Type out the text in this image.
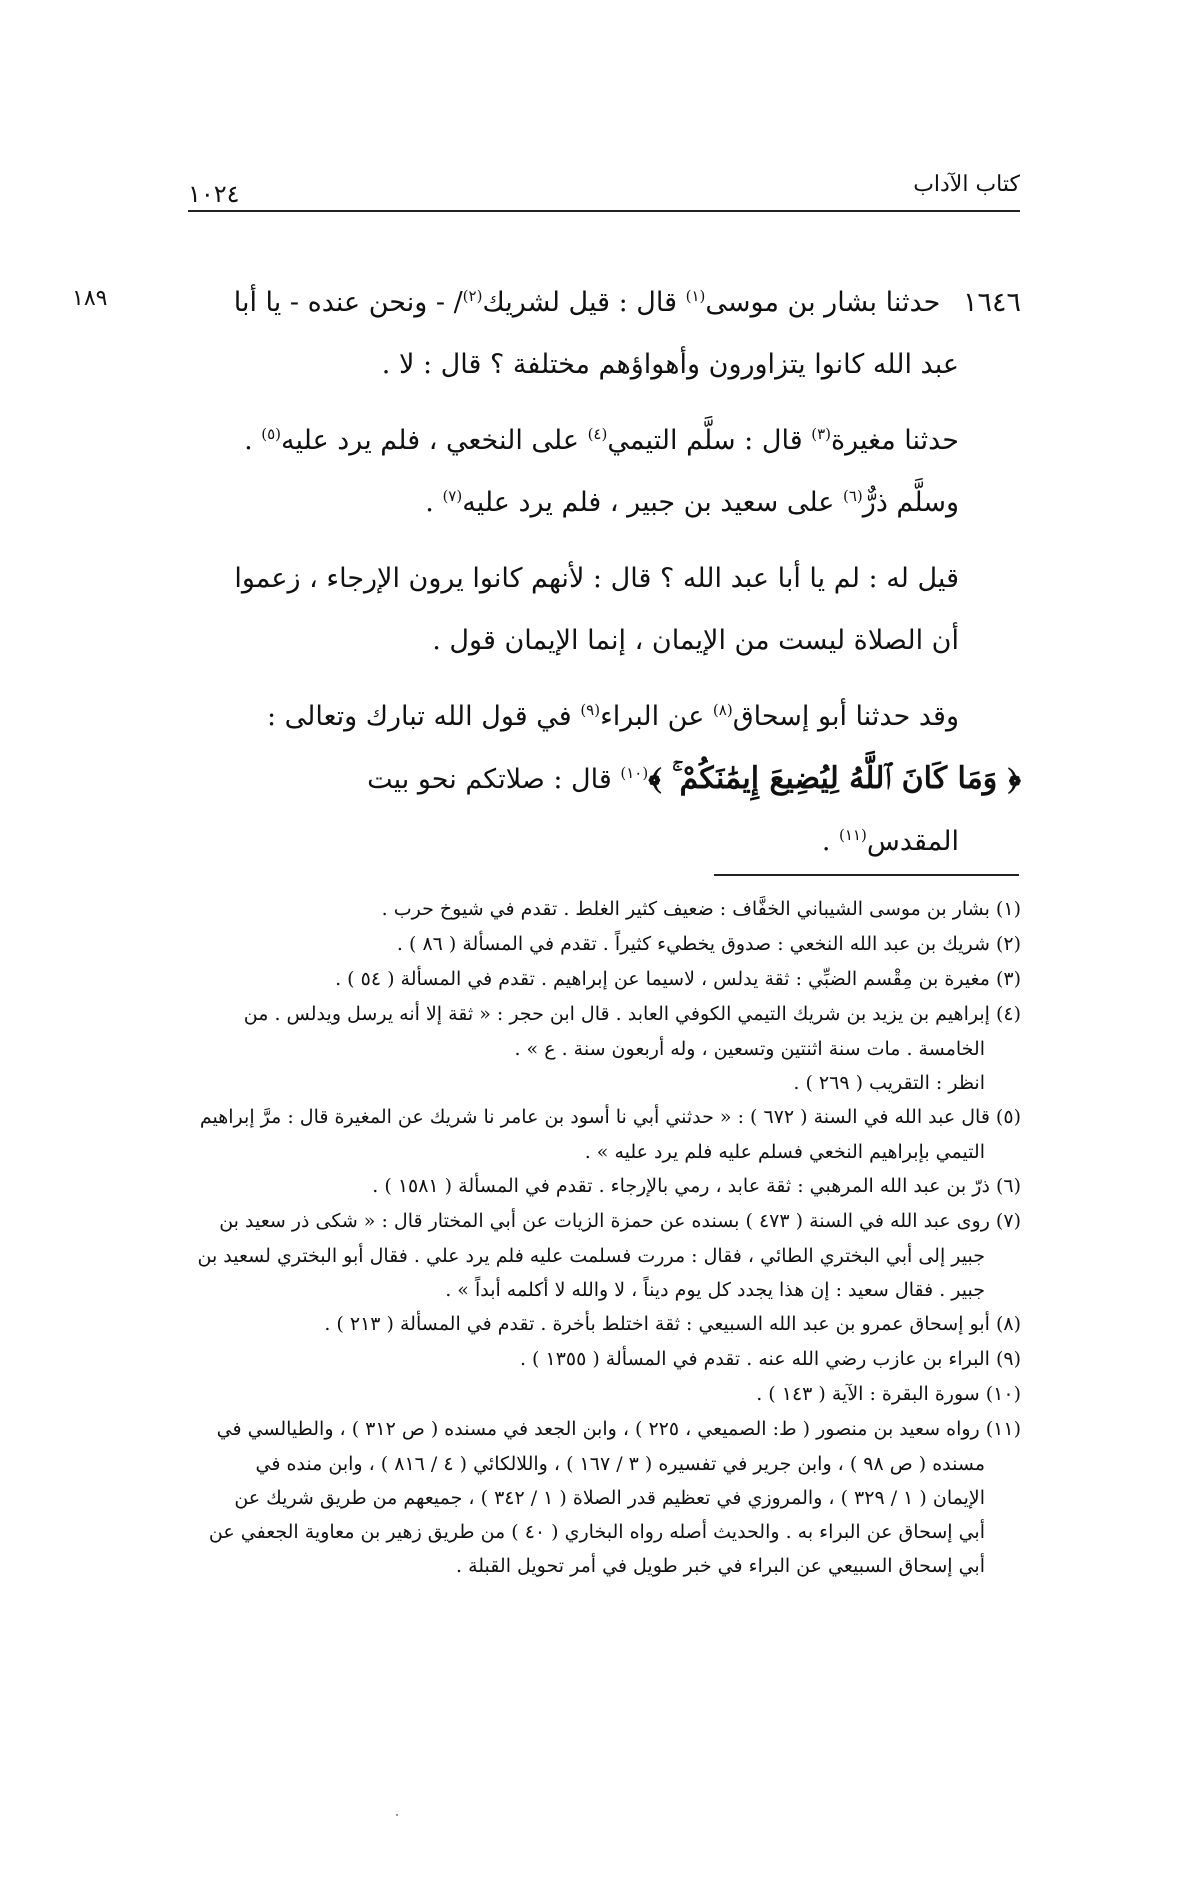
كتاب الآداب
١٠٢٤
١٨٩	١٦٤٦ حدثنا بشار بن موسى$^{(١)}$ قال : قيل لشريك$^{(٢)}$/ - ونحن عنده - يا أبا

عبد الله كانوا يتزاورون وأهواؤهم مختلفة ؟ قال : لا .

حدثنا مغيرة$^{(٣)}$ قال : سلَّم التيمي$^{(٤)}$ على النخعي ، فلم يرد عليه$^{(٥)}$ .

وسلَّم ذرٌّ$^{(٦)}$ على سعيد بن جبير ، فلم يرد عليه$^{(٧)}$ .

قيل له : لم يا أبا عبد الله ؟ قال : لأنهم كانوا يرون الإرجاء ، زعموا

أن الصلاة ليست من الإيمان ، إنما الإيمان قول .

وقد حدثنا أبو إسحاق$^{(٨)}$ عن البراء$^{(٩)}$ في قول الله تبارك وتعالى :

﴿ وَمَا كَانَ ٱللَّهُ لِيُضِيعَ إِيمَٰنَكُمْ ۚ ﴾$^{(١٠)}$ قال : صلاتكم نحو بيت

المقدس$^{(١١)}$ .

(١) بشار بن موسى الشيباني الخفَّاف : ضعيف كثير الغلط . تقدم في شيوخ حرب .

(٢) شريك بن عبد الله النخعي : صدوق يخطيء كثيراً . تقدم في المسألة ( ٨٦ ) .

(٣) مغيرة بن مِقْسم الضبِّي : ثقة يدلس ، لاسيما عن إبراهيم . تقدم في المسألة ( ٥٤ ) .

(٤) إبراهيم بن يزيد بن شريك التيمي الكوفي العابد . قال ابن حجر : « ثقة إلا أنه يرسل ويدلس . من

الخامسة . مات سنة اثنتين وتسعين ، وله أربعون سنة . ع » .

انظر : التقريب ( ٢٦٩ ) .

(٥) قال عبد الله في السنة ( ٦٧٢ ) : « حدثني أبي نا أسود بن عامر نا شريك عن المغيرة قال : مرَّ إبراهيم

التيمي بإبراهيم النخعي فسلم عليه فلم يرد عليه » .

(٦) ذرّ بن عبد الله المرهبي : ثقة عابد ، رمي بالإرجاء . تقدم في المسألة ( ١٥٨١ ) .

(٧) روى عبد الله في السنة ( ٤٧٣ ) بسنده عن حمزة الزيات عن أبي المختار قال : « شكى ذر سعيد بن

جبير إلى أبي البختري الطائي ، فقال : مررت فسلمت عليه فلم يرد علي . فقال أبو البختري لسعيد بن

جبير . فقال سعيد : إن هذا يجدد كل يوم ديناً ، لا والله لا أكلمه أبداً » .

(٨) أبو إسحاق عمرو بن عبد الله السبيعي : ثقة اختلط بأخرة . تقدم في المسألة ( ٢١٣ ) .

(٩) البراء بن عازب رضي الله عنه . تقدم في المسألة ( ١٣٥٥ ) .

(١٠) سورة البقرة : الآية ( ١٤٣ ) .

(١١) رواه سعيد بن منصور ( ط: الصميعي ، ٢٢٥ ) ، وابن الجعد في مسنده ( ص ٣١٢ ) ، والطيالسي في

مسنده ( ص ٩٨ ) ، وابن جرير في تفسيره ( ٣ / ١٦٧ ) ، واللالكائي ( ٤ / ٨١٦ ) ، وابن منده في

الإيمان ( ١ / ٣٢٩ ) ، والمروزي في تعظيم قدر الصلاة ( ١ / ٣٤٢ ) ، جميعهم من طريق شريك عن

أبي إسحاق عن البراء به . والحديث أصله رواه البخاري ( ٤٠ ) من طريق زهير بن معاوية الجعفي عن

أبي إسحاق السبيعي عن البراء في خبر طويل في أمر تحويل القبلة .
